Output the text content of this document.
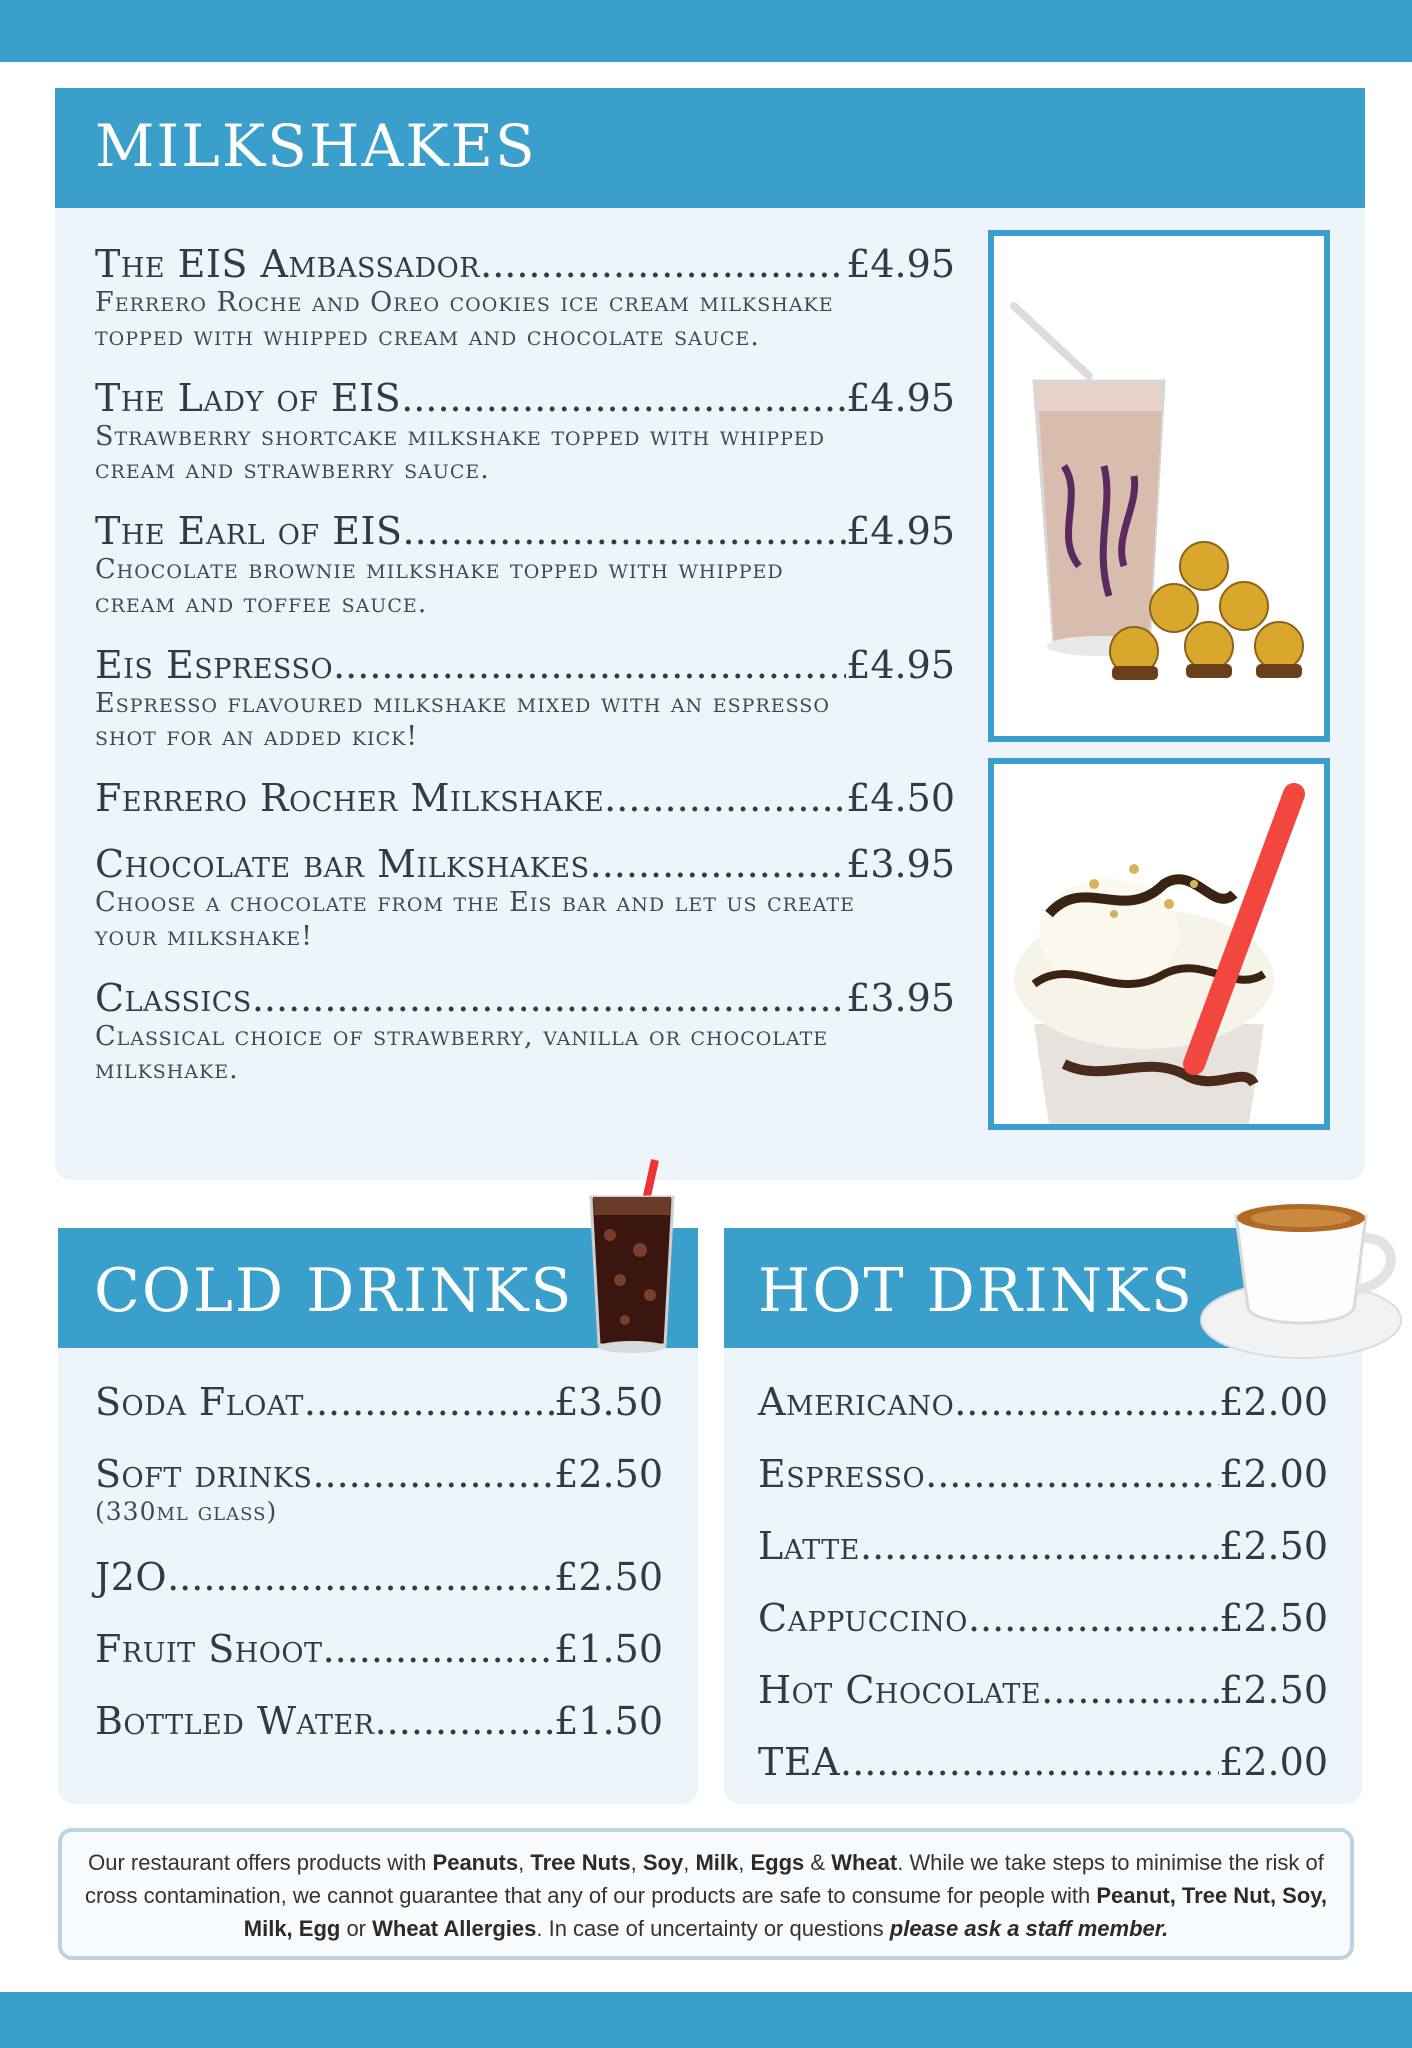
MILKSHAKES
The EIS Ambassador .....	£4.95
Ferrero Roche and Oreo cookies ice cream milkshake topped with whipped cream and chocolate sauce.
The Lady of EIS .....	£4.95
Strawberry shortcake milkshake topped with whipped cream and strawberry sauce.
The Earl of EIS .....	£4.95
Chocolate brownie milkshake topped with whipped cream and toffee sauce.
Eis Espresso .....	£4.95
Espresso flavoured milkshake mixed with an espresso shot for an added kick!
Ferrero Rocher Milkshake .....	£4.50
Chocolate bar Milkshakes .....	£3.95
Choose a chocolate from the Eis bar and let us create your milkshake!
Classics .....	£3.95
Classical choice of strawberry, vanilla or chocolate milkshake.
COLD DRINKS
Soda Float .....	£3.50
Soft drinks .....	£2.50
(330ml glass)
J2O .....	£2.50
Fruit Shoot .....	£1.50
Bottled Water .....	£1.50
HOT DRINKS
Americano .....	£2.00
Espresso .....	£2.00
Latte .....	£2.50
Cappuccino .....	£2.50
Hot Chocolate .....	£2.50
TEA .....	£2.00
Our restaurant offers products with Peanuts, Tree Nuts, Soy, Milk, Eggs & Wheat. While we take steps to minimise the risk of cross contamination, we cannot guarantee that any of our products are safe to consume for people with Peanut, Tree Nut, Soy, Milk, Egg or Wheat Allergies. In case of uncertainty or questions please ask a staff member.
